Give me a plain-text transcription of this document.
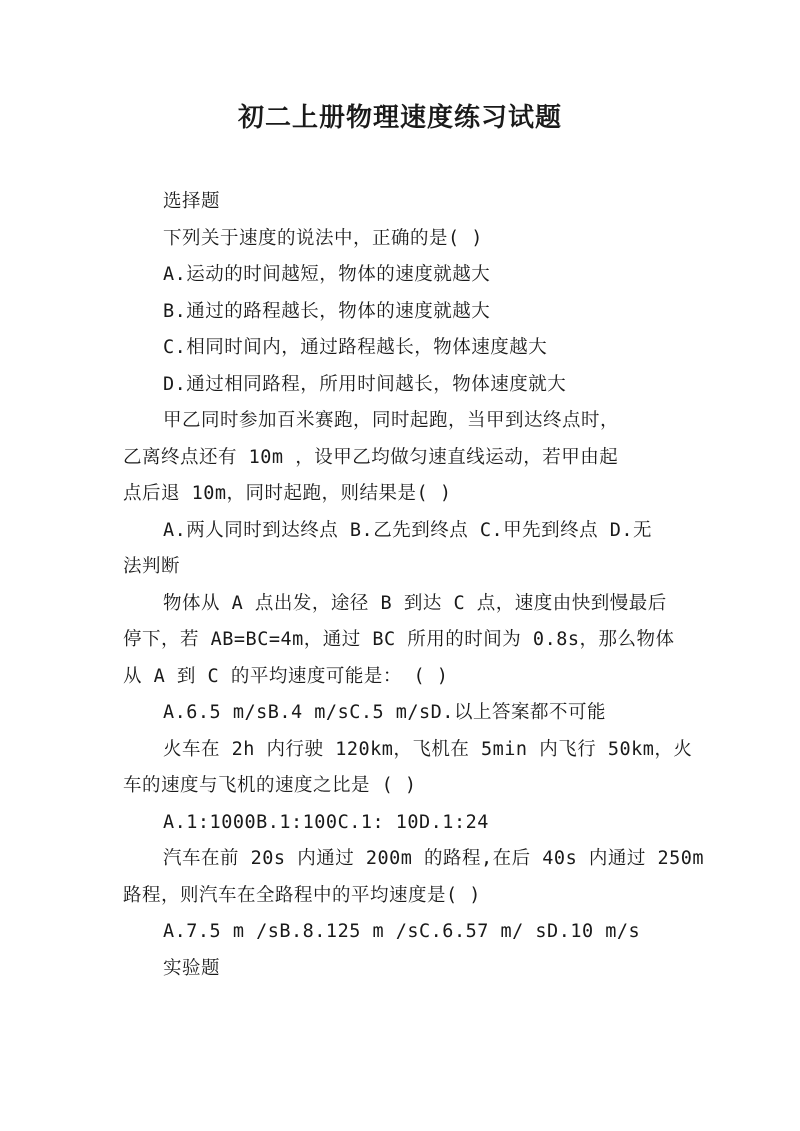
初二上册物理速度练习试题
选择题
下列关于速度的说法中，正确的是( )
A.运动的时间越短，物体的速度就越大
B.通过的路程越长，物体的速度就越大
C.相同时间内，通过路程越长，物体速度越大
D.通过相同路程，所用时间越长，物体速度就大
甲乙同时参加百米赛跑，同时起跑，当甲到达终点时，
乙离终点还有 10m ，设甲乙均做匀速直线运动，若甲由起
点后退 10m，同时起跑，则结果是( )
A.两人同时到达终点 B.乙先到终点 C.甲先到终点 D.无
法判断
物体从 A 点出发，途径 B 到达 C 点，速度由快到慢最后
停下，若 AB=BC=4m，通过 BC 所用的时间为 0.8s，那么物体
从 A 到 C 的平均速度可能是： ( )
A.6.5 m/sB.4 m/sC.5 m/sD.以上答案都不可能
火车在 2h 内行驶 120km，飞机在 5min 内飞行 50km，火
车的速度与飞机的速度之比是 ( )
A.1:1000B.1:100C.1: 10D.1:24
汽车在前 20s 内通过 200m 的路程,在后 40s 内通过 250m
路程，则汽车在全路程中的平均速度是( )
A.7.5 m /sB.8.125 m /sC.6.57 m/ sD.10 m/s
实验题
